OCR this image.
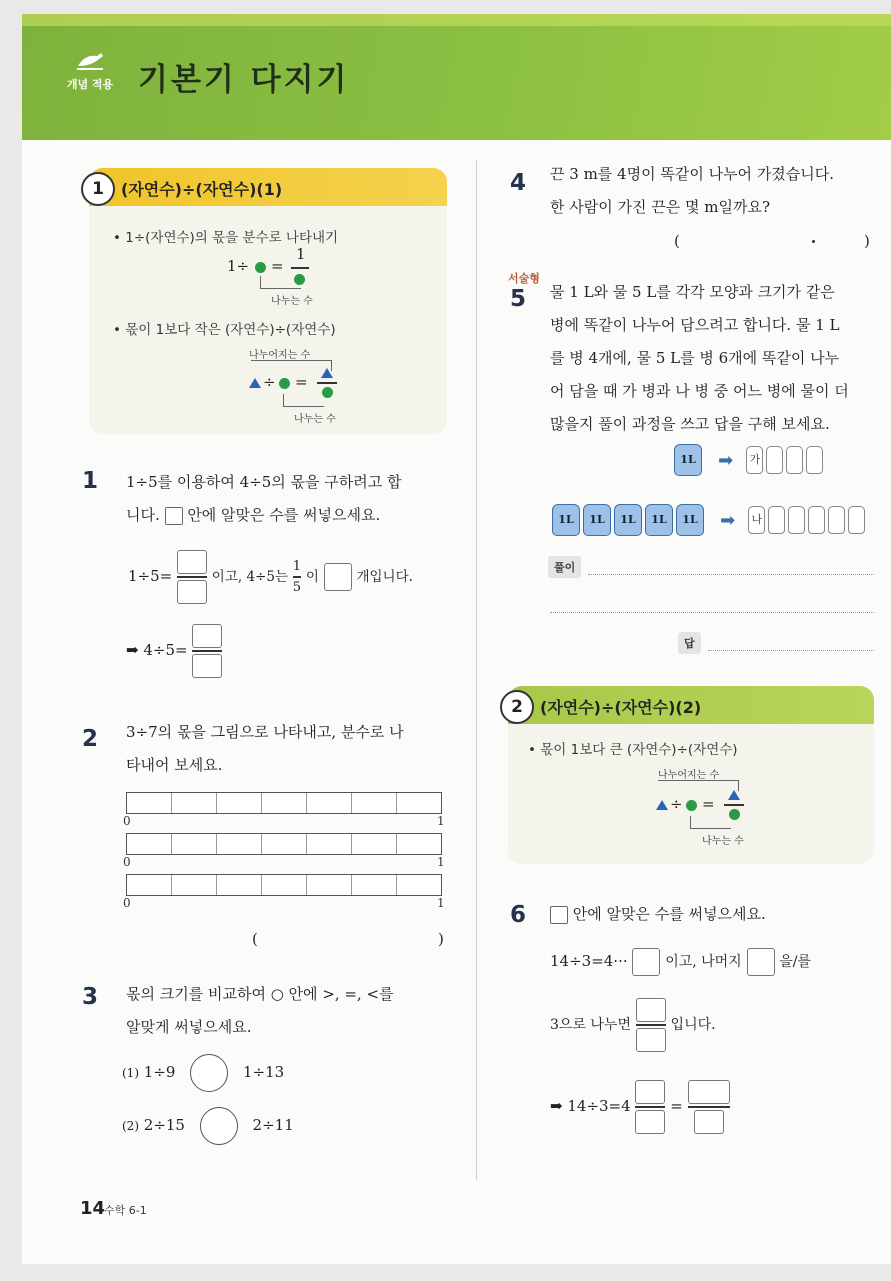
개념 적용 기본기 다지기
1	(자연수)÷(자연수)(1)
• 1÷(자연수)의 몫을 분수로 나타내기
1÷ =
1
나누는 수
• 몫이 1보다 작은 (자연수)÷(자연수)
나누어지는 수
÷ =
나누는 수
1 1÷5를 이용하여 4÷5의 몫을 구하려고 합
니다. 안에 알맞은 수를 써넣으세요.
1÷5=	이고, 4÷5는 $\frac{1}{5}$ 이	개입니다.
➡ 4÷5=
2 3÷7의 몫을 그림으로 나타내고, 분수로 나
타내어 보세요.
0	1
0	1
0	1
(	)
3 몫의 크기를 비교하여 ○ 안에 >, =, <를
알맞게 써넣으세요.
(1) 1÷9	1÷13
(2) 2÷15	2÷11
4 끈 3 m를 4명이 똑같이 나누어 가졌습니다.
한 사람이 가진 끈은 몇 m일까요?
(	)
서술형
5 물 1 L와 물 5 L를 각각 모양과 크기가 같은
병에 똑같이 나누어 담으려고 합니다. 물 1 L
를 병 4개에, 물 5 L를 병 6개에 똑같이 나누
어 담을 때 가 병과 나 병 중 어느 병에 물이 더
많을지 풀이 과정을 쓰고 답을 구해 보세요.
1L ➡ 가
1L 1L 1L 1L 1L ➡ 나
풀이
답
2	(자연수)÷(자연수)(2)
• 몫이 1보다 큰 (자연수)÷(자연수)
나누어지는 수
÷ =
나누는 수
6	안에 알맞은 수를 써넣으세요.
14÷3=4···	이고, 나머지	을/를
3으로 나누면	입니다.
➡ 14÷3=4	=
14
수학 6-1
